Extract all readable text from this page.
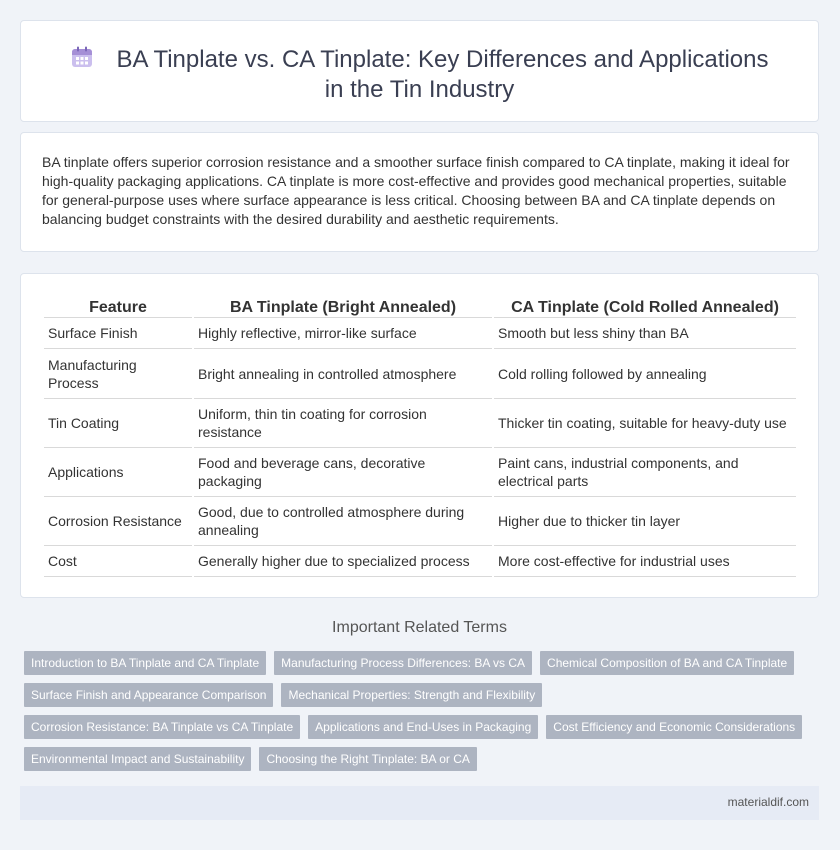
BA Tinplate vs. CA Tinplate: Key Differences and Applications in the Tin Industry

BA tinplate offers superior corrosion resistance and a smoother surface finish compared to CA tinplate, making it ideal for high-quality packaging applications. CA tinplate is more cost-effective and provides good mechanical properties, suitable for general-purpose uses where surface appearance is less critical. Choosing between BA and CA tinplate depends on balancing budget constraints with the desired durability and aesthetic requirements.

Feature	BA Tinplate (Bright Annealed)	CA Tinplate (Cold Rolled Annealed)
Surface Finish	Highly reflective, mirror-like surface	Smooth but less shiny than BA
Manufacturing Process	Bright annealing in controlled atmosphere	Cold rolling followed by annealing
Tin Coating	Uniform, thin tin coating for corrosion resistance	Thicker tin coating, suitable for heavy-duty use
Applications	Food and beverage cans, decorative packaging	Paint cans, industrial components, and electrical parts
Corrosion Resistance	Good, due to controlled atmosphere during annealing	Higher due to thicker tin layer
Cost	Generally higher due to specialized process	More cost-effective for industrial uses
Important Related Terms
Introduction to BA Tinplate and CA Tinplate	Manufacturing Process Differences: BA vs CA	Chemical Composition of BA and CA Tinplate
Surface Finish and Appearance Comparison	Mechanical Properties: Strength and Flexibility
Corrosion Resistance: BA Tinplate vs CA Tinplate	Applications and End-Uses in Packaging	Cost Efficiency and Economic Considerations
Environmental Impact and Sustainability	Choosing the Right Tinplate: BA or CA
materialdif.com
